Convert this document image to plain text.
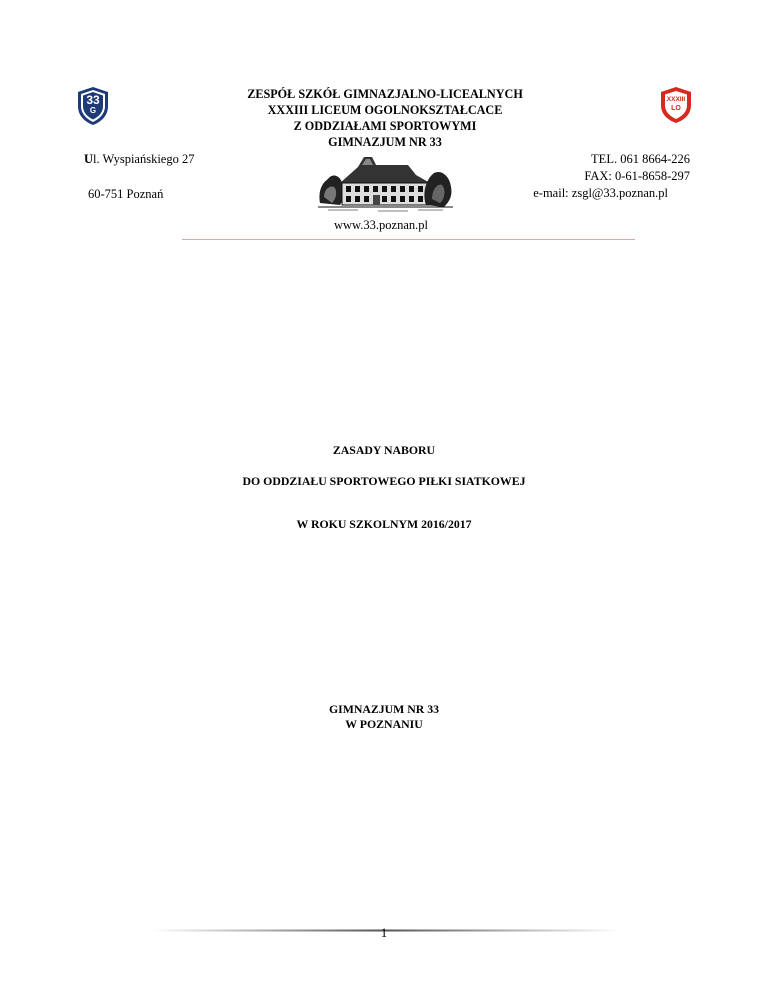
33
G
XXXIII
LO
ZESPÓŁ SZKÓŁ GIMNAZJALNO-LICEALNYCH
XXXIII LICEUM OGOLNOKSZTAŁCACE
Z ODDZIAŁAMI SPORTOWYMI
GIMNAZJUM NR 33
Ul. Wyspiańskiego 27
60-751 Poznań
TEL. 061 8664-226
FAX: 0-61-8658-297
e-mail: zsgl@33.poznan.pl
www.33.poznan.pl
ZASADY NABORU
DO ODDZIAŁU SPORTOWEGO PIŁKI SIATKOWEJ
W ROKU SZKOLNYM 2016/2017
GIMNAZJUM NR 33
W POZNANIU
1
